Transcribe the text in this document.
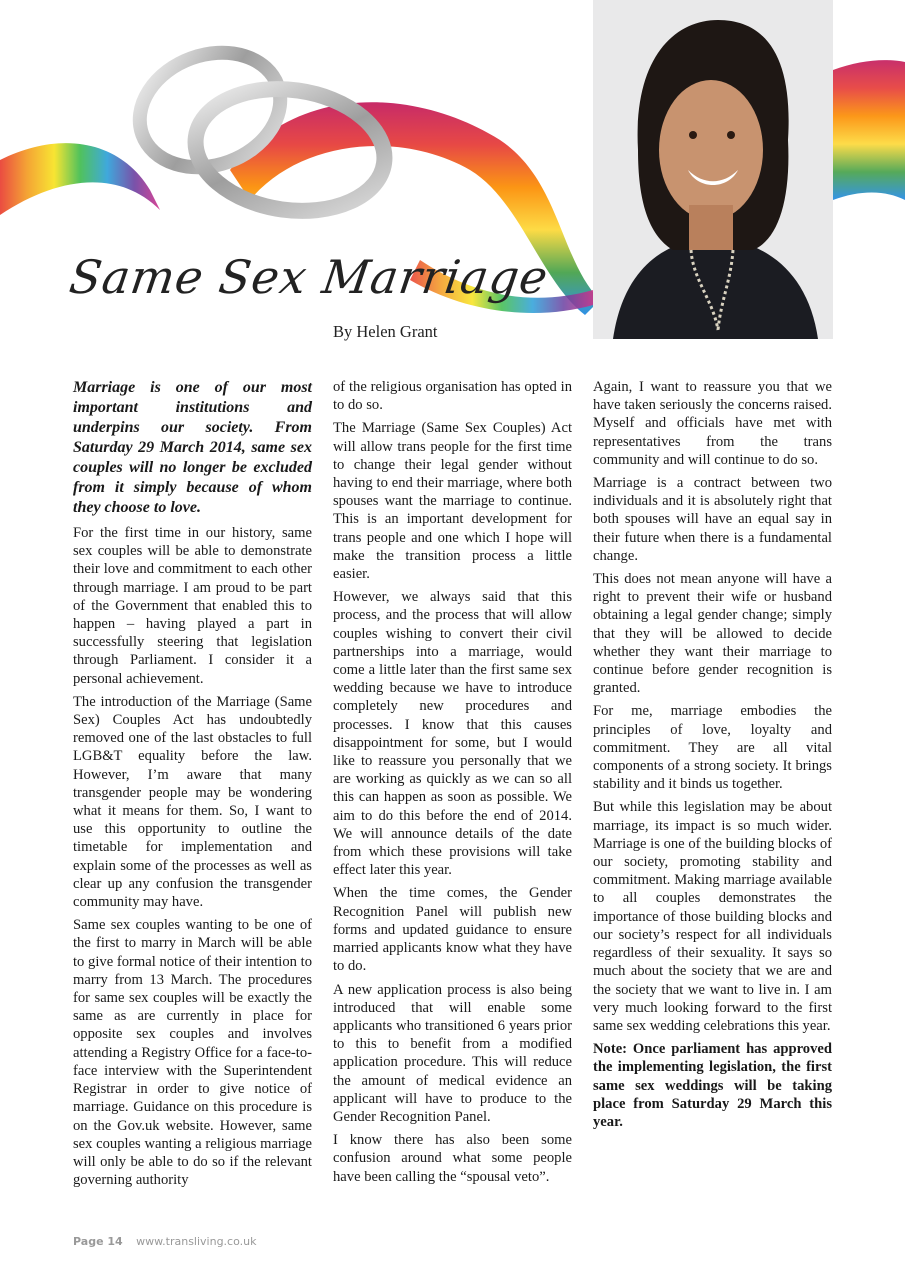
Same Sex Marriage
By Helen Grant

Marriage is one of our most important institutions and underpins our society. From Saturday 29 March 2014, same sex couples will no longer be excluded from it simply because of whom they choose to love.

For the first time in our history, same sex couples will be able to demonstrate their love and commitment to each other through marriage. I am proud to be part of the Government that enabled this to happen – having played a part in successfully steering that legislation through Parliament. I consider it a personal achievement.

The introduction of the Marriage (Same Sex) Couples Act has undoubtedly removed one of the last obstacles to full LGB&T equality before the law. However, I’m aware that many transgender people may be wondering what it means for them. So, I want to use this opportunity to outline the timetable for implementation and explain some of the processes as well as clear up any confusion the transgender community may have.

Same sex couples wanting to be one of the first to marry in March will be able to give formal notice of their intention to marry from 13 March. The procedures for same sex couples will be exactly the same as are currently in place for opposite sex couples and involves attending a Registry Office for a face-to-face interview with the Superintendent Registrar in order to give notice of marriage. Guidance on this procedure is on the Gov.uk website. However, same sex couples wanting a religious marriage will only be able to do so if the relevant governing authority

of the religious organisation has opted in to do so.

The Marriage (Same Sex Couples) Act will allow trans people for the first time to change their legal gender without having to end their marriage, where both spouses want the marriage to continue. This is an important development for trans people and one which I hope will make the transition process a little easier.

However, we always said that this process, and the process that will allow couples wishing to convert their civil partnerships into a marriage, would come a little later than the first same sex wedding because we have to introduce completely new procedures and processes. I know that this causes disappointment for some, but I would like to reassure you personally that we are working as quickly as we can so all this can happen as soon as possible. We aim to do this before the end of 2014. We will announce details of the date from which these provisions will take effect later this year.

When the time comes, the Gender Recognition Panel will publish new forms and updated guidance to ensure married applicants know what they have to do.

A new application process is also being introduced that will enable some applicants who transitioned 6 years prior to this to benefit from a modified application procedure. This will reduce the amount of medical evidence an applicant will have to produce to the Gender Recognition Panel.

I know there has also been some confusion around what some people have been calling the “spousal veto”.

Again, I want to reassure you that we have taken seriously the concerns raised. Myself and officials have met with representatives from the trans community and will continue to do so.

Marriage is a contract between two individuals and it is absolutely right that both spouses will have an equal say in their future when there is a fundamental change.

This does not mean anyone will have a right to prevent their wife or husband obtaining a legal gender change; simply that they will be allowed to decide whether they want their marriage to continue before gender recognition is granted.

For me, marriage embodies the principles of love, loyalty and commitment. They are all vital components of a strong society. It brings stability and it binds us together.

But while this legislation may be about marriage, its impact is so much wider. Marriage is one of the building blocks of our society, promoting stability and commitment. Making marriage available to all couples demonstrates the importance of those building blocks and our society’s respect for all individuals regardless of their sexuality. It says so much about the society that we are and the society that we want to live in. I am very much looking forward to the first same sex wedding celebrations this year.

Note: Once parliament has approved the implementing legislation, the first same sex weddings will be taking place from Saturday 29 March this year.

Page 14 www.transliving.co.uk
